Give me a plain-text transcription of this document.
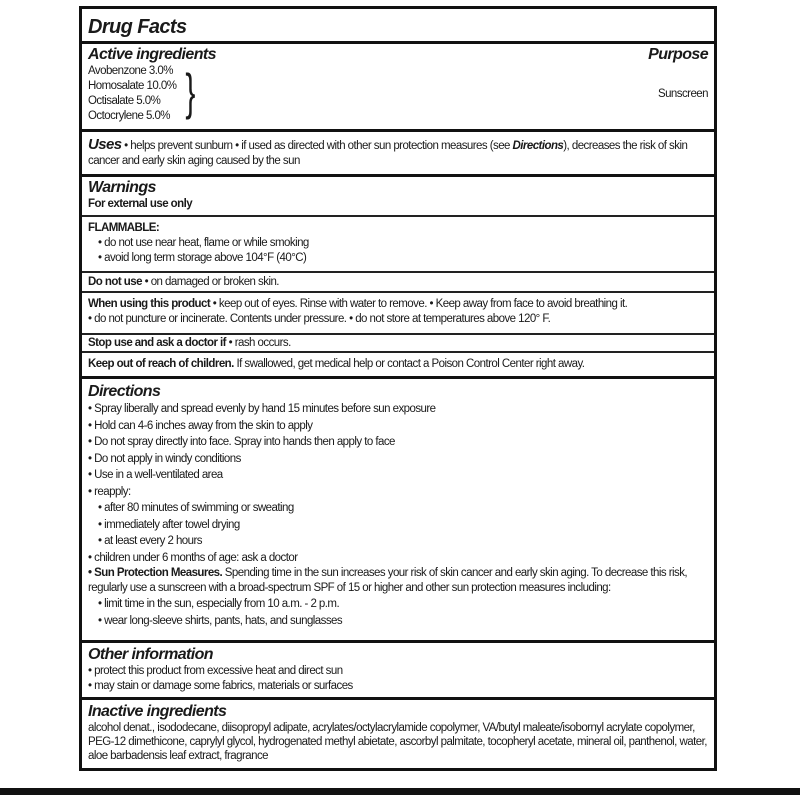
Drug Facts
Active ingredients	Purpose
Avobenzone 3.0%
Homosalate 10.0%
Octisalate 5.0%
Octocrylene 5.0% }	Sunscreen
Uses • helps prevent sunburn • if used as directed with other sun protection measures (see Directions), decreases the risk of skin cancer and early skin aging caused by the sun
Warnings
For external use only
FLAMMABLE:
• do not use near heat, flame or while smoking
• avoid long term storage above 104°F (40°C)
Do not use • on damaged or broken skin.
When using this product • keep out of eyes. Rinse with water to remove. • Keep away from face to avoid breathing it.
• do not puncture or incinerate. Contents under pressure. • do not store at temperatures above 120° F.
Stop use and ask a doctor if • rash occurs.
Keep out of reach of children. If swallowed, get medical help or contact a Poison Control Center right away.
Directions
• Spray liberally and spread evenly by hand 15 minutes before sun exposure
• Hold can 4-6 inches away from the skin to apply
• Do not spray directly into face. Spray into hands then apply to face
• Do not apply in windy conditions
• Use in a well-ventilated area
• reapply:
• after 80 minutes of swimming or sweating
• immediately after towel drying
• at least every 2 hours
• children under 6 months of age: ask a doctor
• Sun Protection Measures. Spending time in the sun increases your risk of skin cancer and early skin aging. To decrease this risk, regularly use a sunscreen with a broad-spectrum SPF of 15 or higher and other sun protection measures including:
• limit time in the sun, especially from 10 a.m. - 2 p.m.
• wear long-sleeve shirts, pants, hats, and sunglasses
Other information
• protect this product from excessive heat and direct sun
• may stain or damage some fabrics, materials or surfaces
Inactive ingredients
alcohol denat., isododecane, diisopropyl adipate, acrylates/octylacrylamide copolymer, VA/butyl maleate/isobornyl acrylate copolymer, PEG-12 dimethicone, caprylyl glycol, hydrogenated methyl abietate, ascorbyl palmitate, tocopheryl acetate, mineral oil, panthenol, water, aloe barbadensis leaf extract, fragrance
